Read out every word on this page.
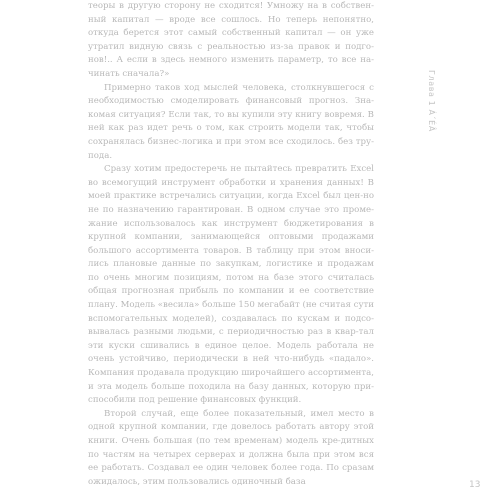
теоры в другую сторону не сходится! Умножу на в собствен-ный капитал — вроде все сошлось. Но теперь непонятно, откуда берется этот самый собственный капитал — он уже утратил видную связь с реальностью из-за правок и подго-нов!.. А если в здесь немного изменить параметр, то все на-чинать сначала?»

Примерно таков ход мыслей человека, столкнувшегося с необходимостью смоделировать финансовый прогноз. Зна-комая ситуация? Если так, то вы купили эту книгу вовремя. В ней как раз идет речь о том, как строить модели так, чтобы сохранялась бизнес-логика и при этом все сходилось. без тру-пода.

Сразу хотим предостеречь не пытайтесь превратить Excel во всемогущий инструмент обработки и хранения данных! В моей практике встречались ситуации, когда Excel был цен-но не по назначению гарантирован. В одном случае это проме-жание использовалось как инструмент бюджетирования в крупной компании, занимающейся оптовыми продажами большого ассортимента товаров. В таблицу при этом вноси-лись плановые данные по закупкам, логистике и продажам по очень многим позициям, потом на базе этого считалась общая прогнозная прибыль по компании и ее соответствие плану. Модель «весила» больше 150 мегабайт (не считая сути вспомогательных моделей), создавалась по кускам и подсо-вывалась разными людьми, с периодичностью раз в квар-тал эти куски сшивались в единое целое. Модель работала не очень устойчиво, периодически в ней что-нибудь «падало». Компания продавала продукцию широчайшего ассортимента, и эта модель больше походила на базу данных, которую при-способили под решение финансовых функций.

Второй случай, еще более показательный, имел место в одной крупной компании, где довелось работать автору этой книги. Очень большая (по тем временам) модель кре-дитных по частям на четырех серверах и должна была при этом вся ее работать. Создавал ее один человек более года. По сразам ожидалось, этим пользовались одиночный база

Глава 1 Á´ÉÂ
13
